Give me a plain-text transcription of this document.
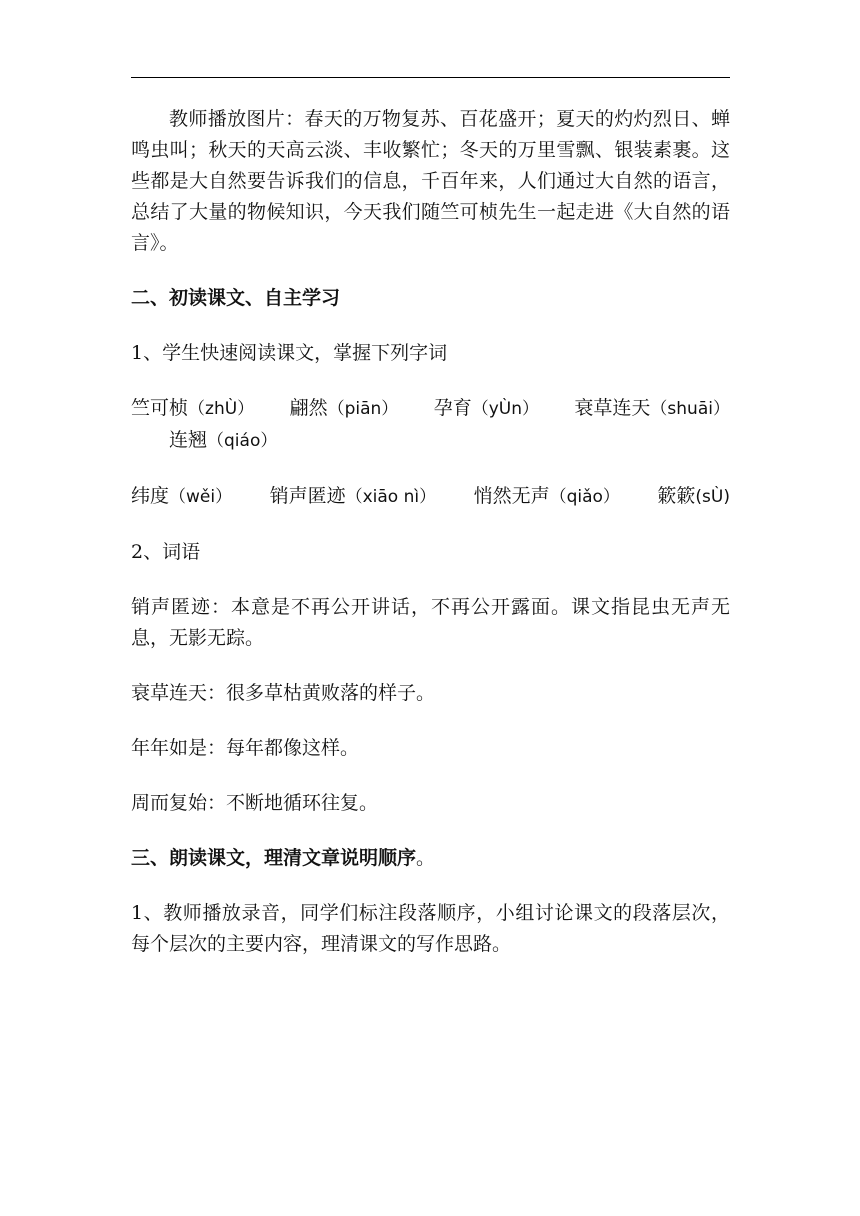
教师播放图片：春天的万物复苏、百花盛开；夏天的灼灼烈日、蝉鸣虫叫；秋天的天高云淡、丰收繁忙；冬天的万里雪飘、银装素裹。这些都是大自然要告诉我们的信息，千百年来，人们通过大自然的语言，总结了大量的物候知识，今天我们随竺可桢先生一起走进《大自然的语言》。

二、初读课文、自主学习

1、学生快速阅读课文，掌握下列字词

竺可桢（zhÙ） 翩然（piān） 孕育（yÙn） 衰草连天（shuāi）
连翘（qiáo）
纬度（wěi） 销声匿迹（xiāo nì） 悄然无声（qiǎo） 簌簌(sÙ)

2、词语

销声匿迹：本意是不再公开讲话，不再公开露面。课文指昆虫无声无息，无影无踪。

衰草连天：很多草枯黄败落的样子。

年年如是：每年都像这样。

周而复始：不断地循环往复。

三、朗读课文，理清文章说明顺序。

1、教师播放录音，同学们标注段落顺序，小组讨论课文的段落层次，每个层次的主要内容，理清课文的写作思路。
